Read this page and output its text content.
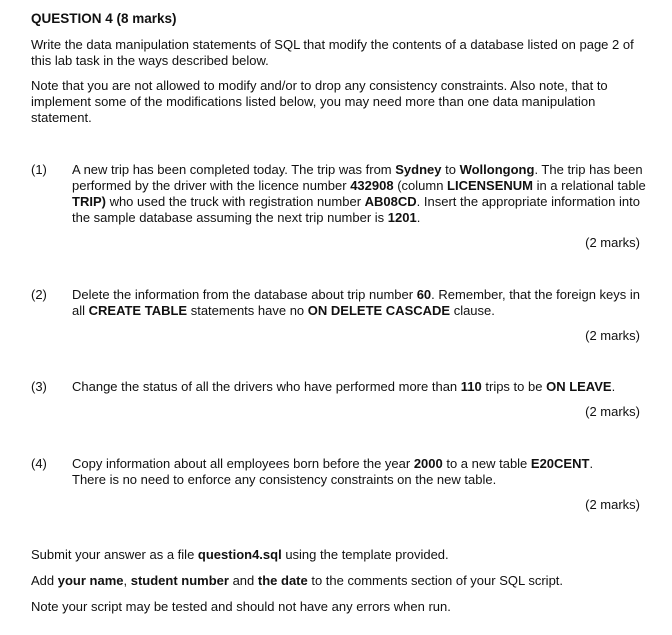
QUESTION 4 (8 marks)

Write the data manipulation statements of SQL that modify the contents of a database listed on page 2 of this lab task in the ways described below.

Note that you are not allowed to modify and/or to drop any consistency constraints. Also note, that to implement some of the modifications listed below, you may need more than one data manipulation statement.

(1) A new trip has been completed today. The trip was from Sydney to Wollongong. The trip has been performed by the driver with the licence number 432908 (column LICENSENUM in a relational table TRIP) who used the truck with registration number AB08CD. Insert the appropriate information into the sample database assuming the next trip number is 1201.
(2 marks)
(2) Delete the information from the database about trip number 60. Remember, that the foreign keys in all CREATE TABLE statements have no ON DELETE CASCADE clause.
(2 marks)
(3) Change the status of all the drivers who have performed more than 110 trips to be ON LEAVE.
(2 marks)
(4) Copy information about all employees born before the year 2000 to a new table E20CENT.
There is no need to enforce any consistency constraints on the new table.
(2 marks)
Submit your answer as a file question4.sql using the template provided.
Add your name, student number and the date to the comments section of your SQL script.
Note your script may be tested and should not have any errors when run.
